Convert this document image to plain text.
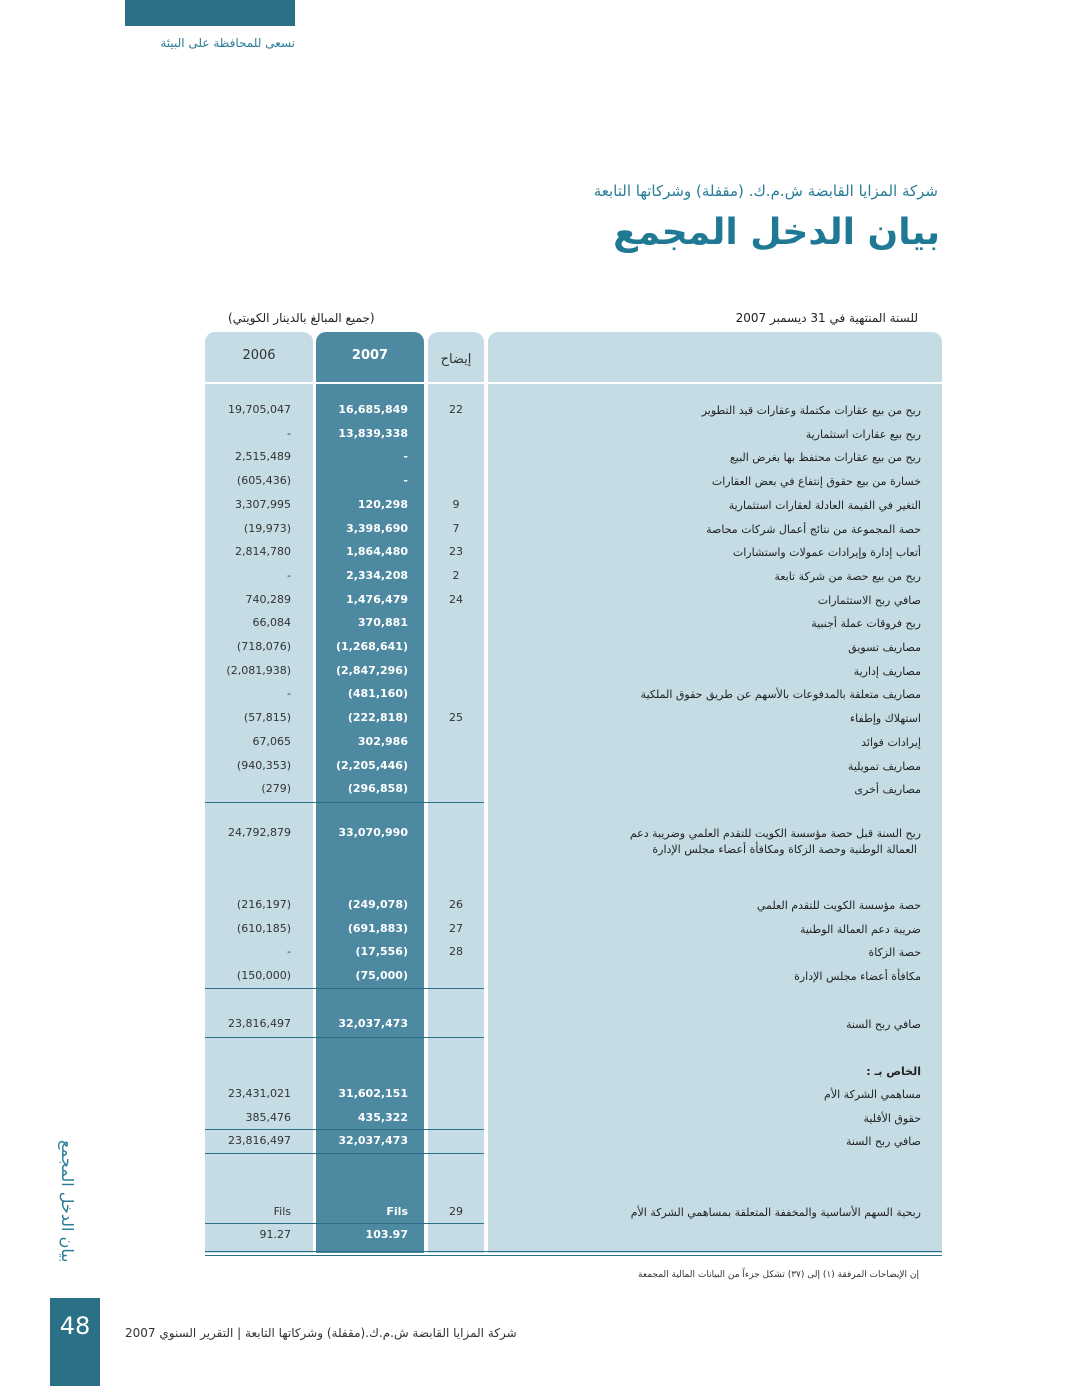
نسعى للمحافظة على البيئة
شركة المزايا القابضة ش.م.ك. (مقفلة) وشركاتها التابعة
بيان الدخل المجمع
للسنة المنتهية في 31 ديسمبر 2007
(جميع المبالغ بالدينار الكويتي)
2006	2007	إيضاح
19,705,047	16,685,849	22	ربح من بيع عقارات مكتملة وعقارات قيد التطوير
-	13,839,338	ربح بيع عقارات استثمارية
2,515,489	-	ربح من بيع عقارات محتفظ بها بغرض البيع
(605,436)	-	خسارة من بيع حقوق إنتفاع في بعض العقارات
3,307,995	120,298	9	التغير في القيمة العادلة لعقارات استثمارية
(19,973)	3,398,690	7	حصة المجموعة من نتائج أعمال شركات محاصة
2,814,780	1,864,480	23	أتعاب إدارة وإيرادات عمولات واستشارات
-	2,334,208	2	ربح من بيع حصة من شركة تابعة
740,289	1,476,479	24	صافي ربح الاستثمارات
66,084	370,881	ربح فروقات عملة أجنبية
(718,076)	(1,268,641)	مصاريف تسويق
(2,081,938)	(2,847,296)	مصاريف إدارية
-	(481,160)	مصاريف متعلقة بالمدفوعات بالأسهم عن طريق حقوق الملكية
(57,815)	(222,818)	25	استهلاك وإطفاء
67,065	302,986	إيرادات فوائد
(940,353)	(2,205,446)	مصاريف تمويلية
(279)	(296,858)	مصاريف أخرى
24,792,879	33,070,990	ربح السنة قبل حصة مؤسسة الكويت للتقدم العلمي وضريبة دعم
العمالة الوطنية وحصة الزكاة ومكافأة أعضاء مجلس الإدارة
(216,197)	(249,078)	26	حصة مؤسسة الكويت للتقدم العلمي
(610,185)	(691,883)	27	ضريبة دعم العمالة الوطنية
-	(17,556)	28	حصة الزكاة
(150,000)	(75,000)	مكافأة أعضاء مجلس الإدارة
23,816,497	32,037,473	صافي ربح السنة
الخاص بـ :
23,431,021	31,602,151	مساهمي الشركة الأم
385,476	435,322	حقوق الأقلية
23,816,497	32,037,473	صافي ربح السنة
Fils	Fils	29	ربحية السهم الأساسية والمخففة المتعلقة بمساهمي الشركة الأم
91.27	103.97
إن الإيضاحات المرفقة (١) إلى (٣٧) تشكل جزءاً من البيانات المالية المجمعة
بيان الدخل المجمع
48	شركة المزايا القابضة ش.م.ك.(مقفلة) وشركاتها التابعة | التقرير السنوي 2007
